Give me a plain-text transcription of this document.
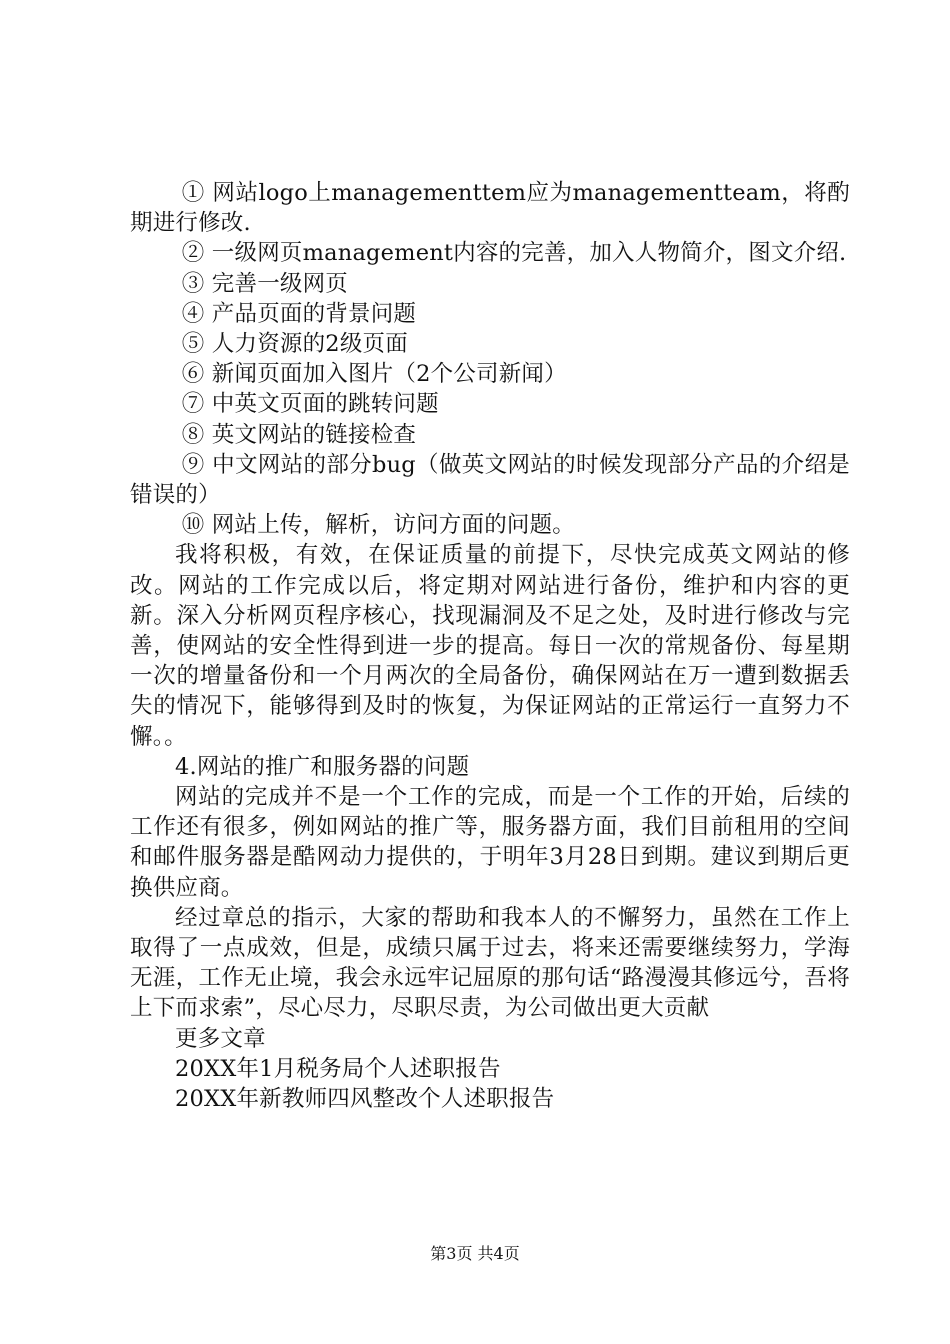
① 网站logo上managementtem应为managementteam，将酌期进行修改.

② 一级网页management内容的完善，加入人物简介，图文介绍.

③ 完善一级网页

④ 产品页面的背景问题

⑤ 人力资源的2级页面

⑥ 新闻页面加入图片（2个公司新闻）

⑦ 中英文页面的跳转问题

⑧ 英文网站的链接检查

⑨ 中文网站的部分bug（做英文网站的时候发现部分产品的介绍是错误的）

⑩ 网站上传，解析，访问方面的问题。

我将积极，有效，在保证质量的前提下，尽快完成英文网站的修改。网站的工作完成以后，将定期对网站进行备份，维护和内容的更新。深入分析网页程序核心，找现漏洞及不足之处，及时进行修改与完善，使网站的安全性得到进一步的提高。每日一次的常规备份、每星期一次的增量备份和一个月两次的全局备份，确保网站在万一遭到数据丢失的情况下，能够得到及时的恢复，为保证网站的正常运行一直努力不懈。。

4.网站的推广和服务器的问题

网站的完成并不是一个工作的完成，而是一个工作的开始，后续的工作还有很多，例如网站的推广等，服务器方面，我们目前租用的空间和邮件服务器是酷网动力提供的，于明年3月28日到期。建议到期后更换供应商。

经过章总的指示，大家的帮助和我本人的不懈努力，虽然在工作上取得了一点成效，但是，成绩只属于过去，将来还需要继续努力，学海无涯，工作无止境，我会永远牢记屈原的那句话“路漫漫其修远兮，吾将上下而求索”，尽心尽力，尽职尽责，为公司做出更大贡献

更多文章

20XX年1月税务局个人述职报告

20XX年新教师四风整改个人述职报告

第3页 共4页
